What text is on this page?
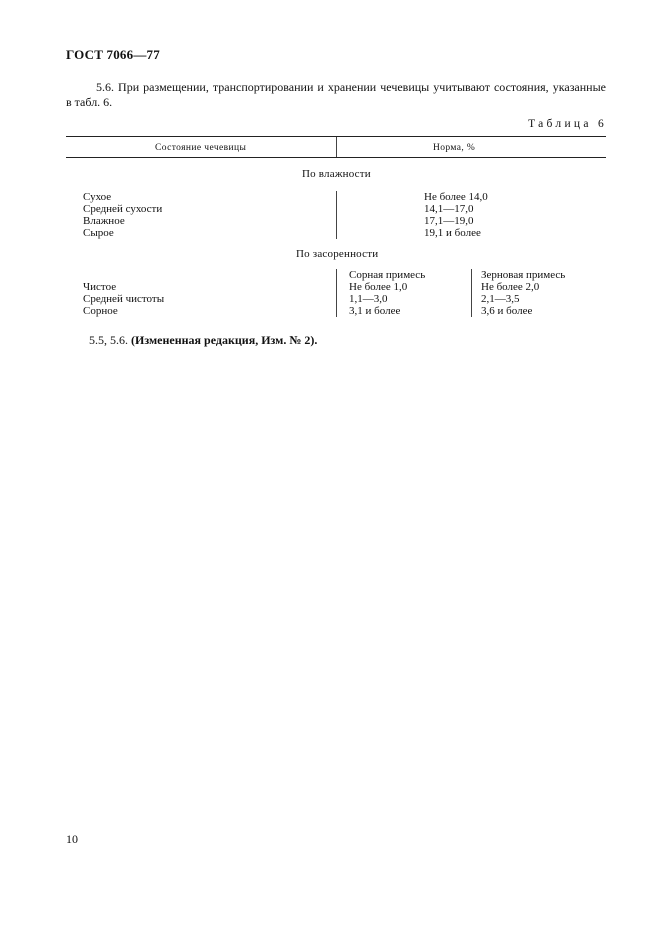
ГОСТ 7066—77
5.6. При размещении, транспортировании и хранении чечевицы учитывают состояния, указанные
в табл. 6.
Таблица 6
Состояние чечевицы	Норма, %
По влажности
Сухое
Средней сухости
Влажное
Сырое
Не более 14,0
14,1—17,0
17,1—19,0
19,1 и более
По засоренности
Сорная примесь	Зерновая примесь
Чистое
Средней чистоты
Сорное
Не более 1,0
1,1—3,0
3,1 и более
Не более 2,0
2,1—3,5
3,6 и более
5.5, 5.6. (Измененная редакция, Изм. № 2).
10
